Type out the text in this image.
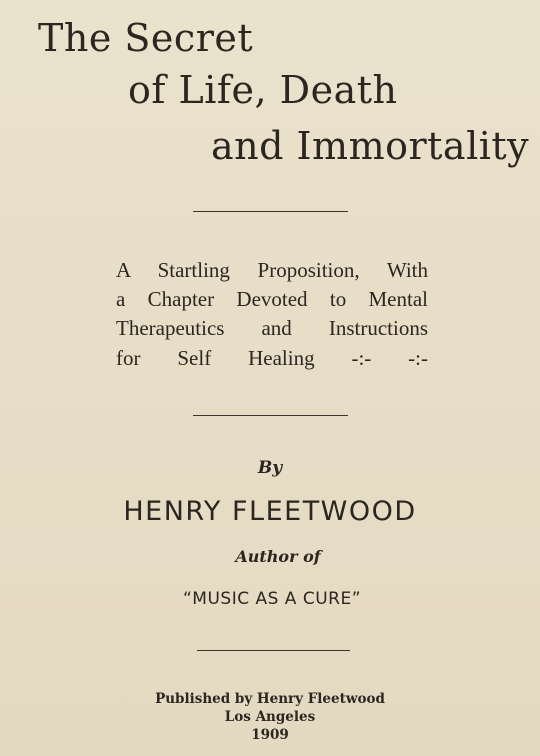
The Secret
of Life, Death
and Immortality
A Startling Proposition, With
a Chapter Devoted to Mental
Therapeutics and Instructions
for Self Healing -:- -:-
By
HENRY FLEETWOOD
Author of
“MUSIC AS A CURE”
Published by Henry Fleetwood
Los Angeles
1909
